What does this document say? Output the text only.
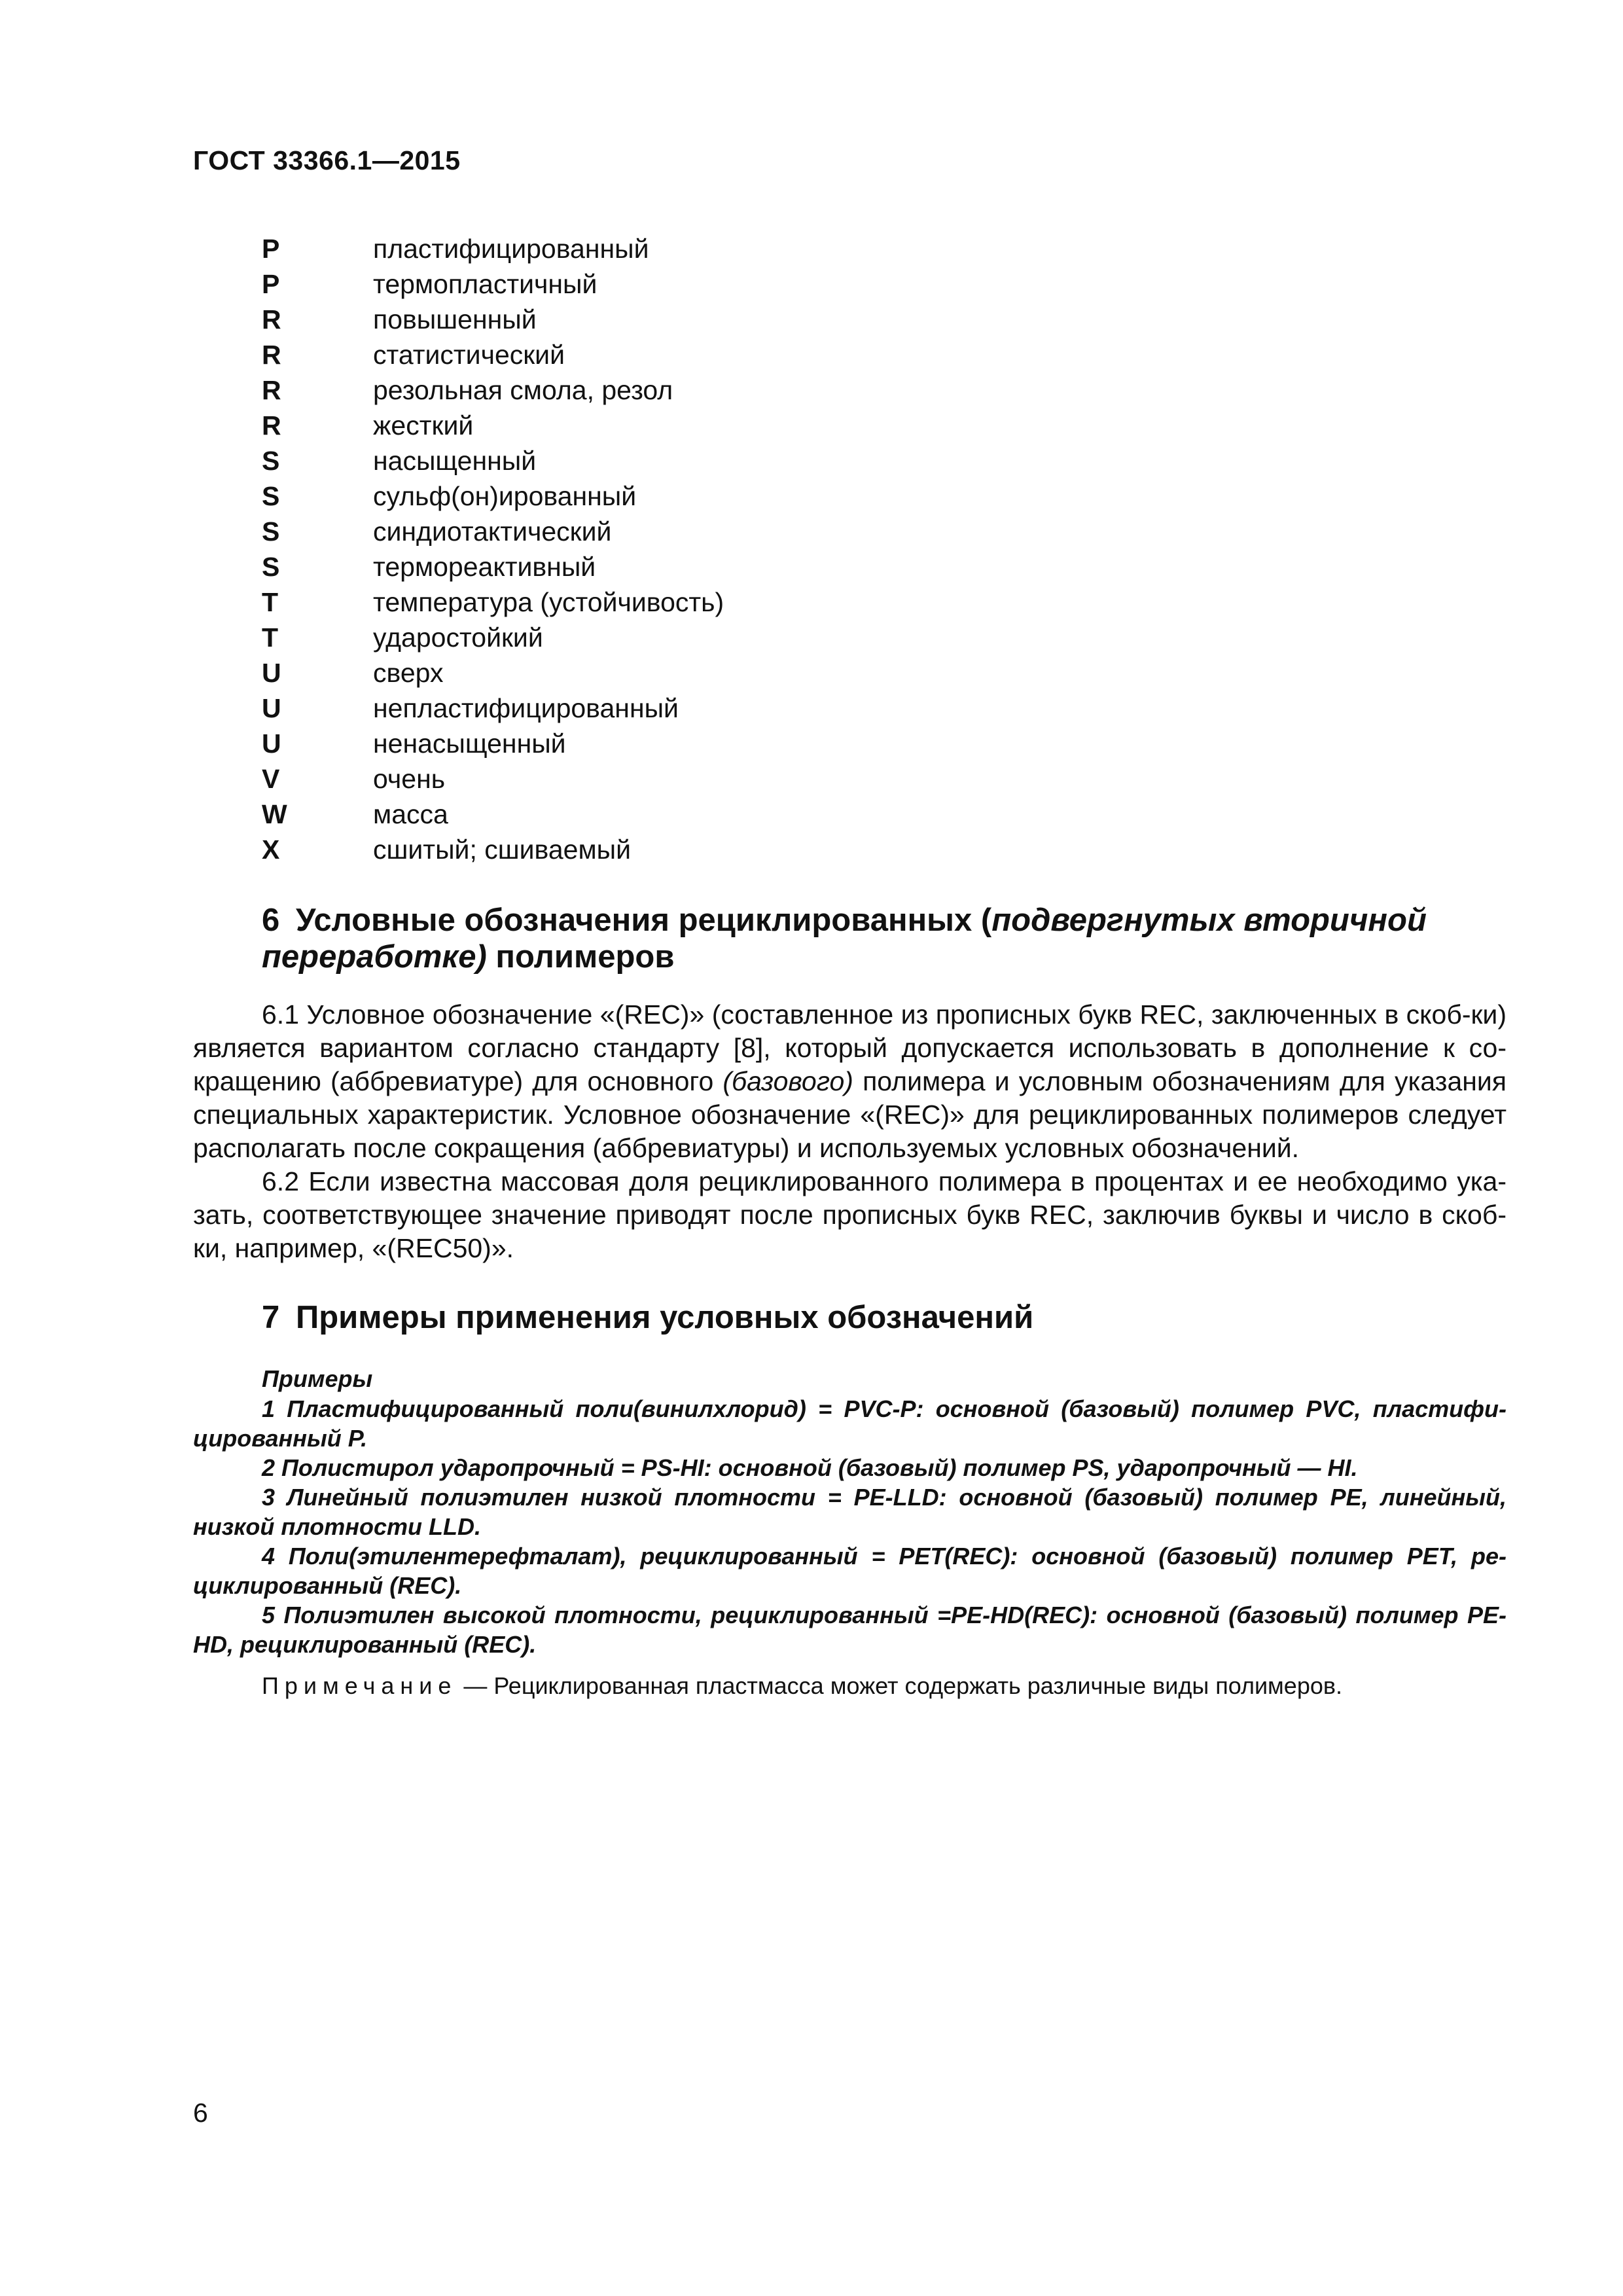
ГОСТ 33366.1—2015
P	пластифицированный
P	термопластичный
R	повышенный
R	статистический
R	резольная смола, резол
R	жесткий
S	насыщенный
S	сульф(он)ированный
S	синдиотактический
S	термореактивный
T	температура (устойчивость)
T	ударостойкий
U	сверх
U	непластифицированный
U	ненасыщенный
V	очень
W	масса
X	сшитый; сшиваемый
6 Условные обозначения рециклированных (подвергнутых вторичной переработке) полимеров

6.1 Условное обозначение «(REC)» (составленное из прописных букв REC, заключенных в скоб-ки) является вариантом согласно стандарту [8], который допускается использовать в дополнение к со-кращению (аббревиатуре) для основного (базового) полимера и условным обозначениям для указания специальных характеристик. Условное обозначение «(REC)» для рециклированных полимеров следует располагать после сокращения (аббревиатуры) и используемых условных обозначений.

6.2 Если известна массовая доля рециклированного полимера в процентах и ее необходимо ука-зать, соответствующее значение приводят после прописных букв REC, заключив буквы и число в скоб-ки, например, «(REC50)».

7 Примеры применения условных обозначений
Примеры

1 Пластифицированный поли(винилхлорид) = PVC-P: основной (базовый) полимер PVC, пластифи-цированный P.

2 Полистирол ударопрочный = PS-HI: основной (базовый) полимер PS, ударопрочный — HI.

3 Линейный полиэтилен низкой плотности = PE-LLD: основной (базовый) полимер PE, линейный, низкой плотности LLD.

4 Поли(этилентерефталат), рециклированный = PET(REC): основной (базовый) полимер PET, ре-циклированный (REC).

5 Полиэтилен высокой плотности, рециклированный =PE-HD(REC): основной (базовый) полимер PE-HD, рециклированный (REC).

Примечание — Рециклированная пластмасса может содержать различные виды полимеров.
6
